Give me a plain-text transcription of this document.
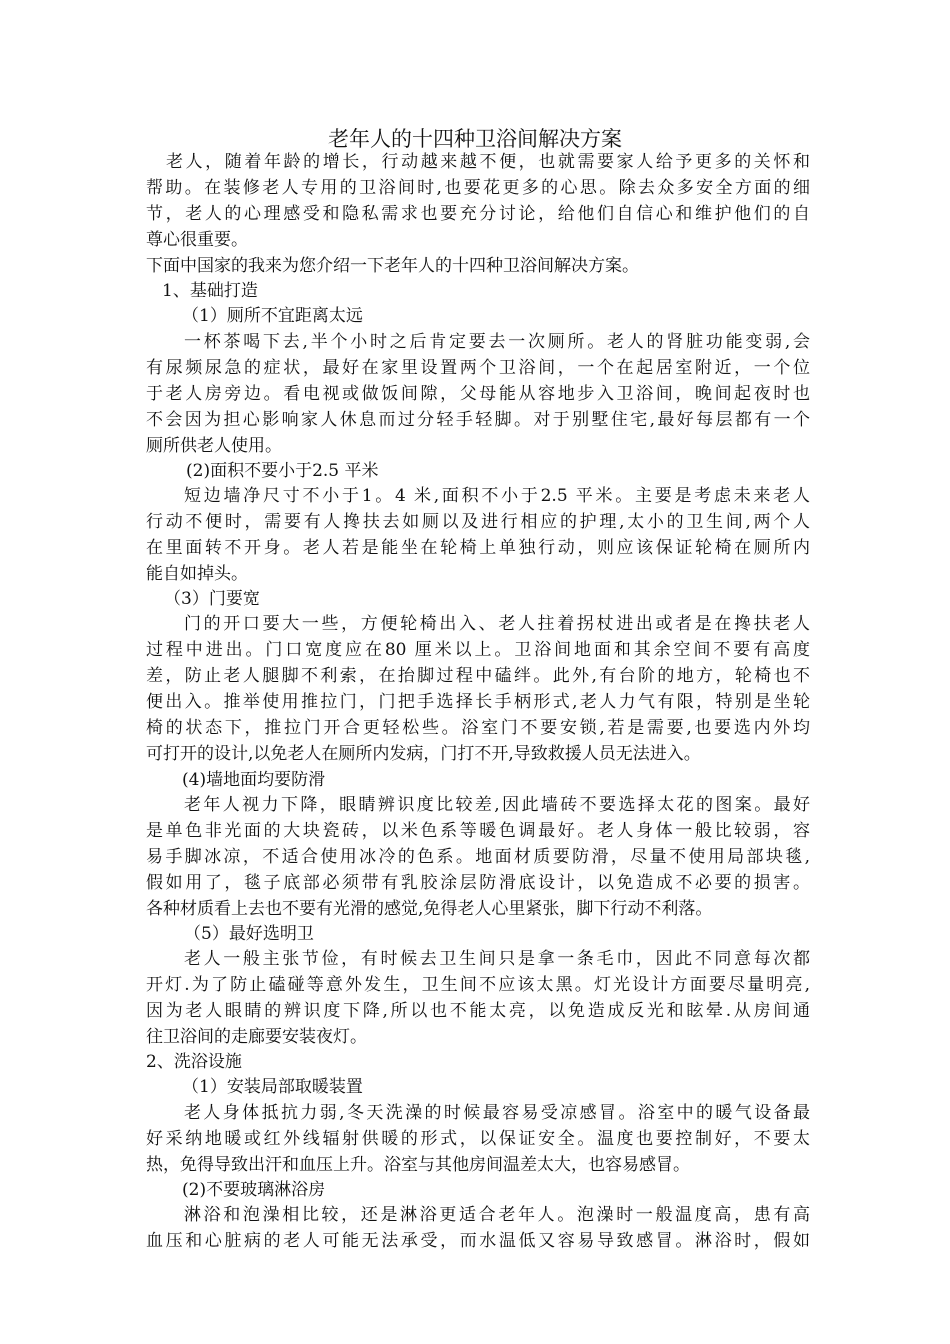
老年人的十四种卫浴间解决方案
老人，随着年龄的增长，行动越来越不便，也就需要家人给予更多的关怀和
帮助。在装修老人专用的卫浴间时,也要花更多的心思。除去众多安全方面的细
节，老人的心理感受和隐私需求也要充分讨论，给他们自信心和维护他们的自
尊心很重要。
下面中国家的我来为您介绍一下老年人的十四种卫浴间解决方案。
1、基础打造
（1）厕所不宜距离太远
一杯茶喝下去,半个小时之后肯定要去一次厕所。老人的肾脏功能变弱,会
有尿频尿急的症状，最好在家里设置两个卫浴间，一个在起居室附近，一个位
于老人房旁边。看电视或做饭间隙，父母能从容地步入卫浴间，晚间起夜时也
不会因为担心影响家人休息而过分轻手轻脚。对于别墅住宅,最好每层都有一个
厕所供老人使用。
(2)面积不要小于2.5 平米
短边墙净尺寸不小于1。4 米,面积不小于2.5 平米。主要是考虑未来老人
行动不便时，需要有人搀扶去如厕以及进行相应的护理,太小的卫生间,两个人
在里面转不开身。老人若是能坐在轮椅上单独行动，则应该保证轮椅在厕所内
能自如掉头。
（3）门要宽
门的开口要大一些，方便轮椅出入、老人拄着拐杖进出或者是在搀扶老人
过程中进出。门口宽度应在80 厘米以上。卫浴间地面和其余空间不要有高度
差，防止老人腿脚不利索，在抬脚过程中磕绊。此外,有台阶的地方，轮椅也不
便出入。推举使用推拉门，门把手选择长手柄形式,老人力气有限，特别是坐轮
椅的状态下，推拉门开合更轻松些。浴室门不要安锁,若是需要,也要选内外均
可打开的设计,以免老人在厕所内发病，门打不开,导致救援人员无法进入。
(4)墙地面均要防滑
老年人视力下降，眼睛辨识度比较差,因此墙砖不要选择太花的图案。最好
是单色非光面的大块瓷砖，以米色系等暖色调最好。老人身体一般比较弱，容
易手脚冰凉，不适合使用冰冷的色系。地面材质要防滑，尽量不使用局部块毯,
假如用了，毯子底部必须带有乳胶涂层防滑底设计，以免造成不必要的损害。
各种材质看上去也不要有光滑的感觉,免得老人心里紧张，脚下行动不利落。
（5）最好选明卫
老人一般主张节俭，有时候去卫生间只是拿一条毛巾，因此不同意每次都
开灯.为了防止磕碰等意外发生，卫生间不应该太黑。灯光设计方面要尽量明亮,
因为老人眼睛的辨识度下降,所以也不能太亮，以免造成反光和眩晕.从房间通
往卫浴间的走廊要安装夜灯。
2、洗浴设施
（1）安装局部取暖装置
老人身体抵抗力弱,冬天洗澡的时候最容易受凉感冒。浴室中的暖气设备最
好采纳地暖或红外线辐射供暖的形式，以保证安全。温度也要控制好，不要太
热，免得导致出汗和血压上升。浴室与其他房间温差太大，也容易感冒。
(2)不要玻璃淋浴房
淋浴和泡澡相比较，还是淋浴更适合老年人。泡澡时一般温度高，患有高
血压和心脏病的老人可能无法承受，而水温低又容易导致感冒。淋浴时，假如
